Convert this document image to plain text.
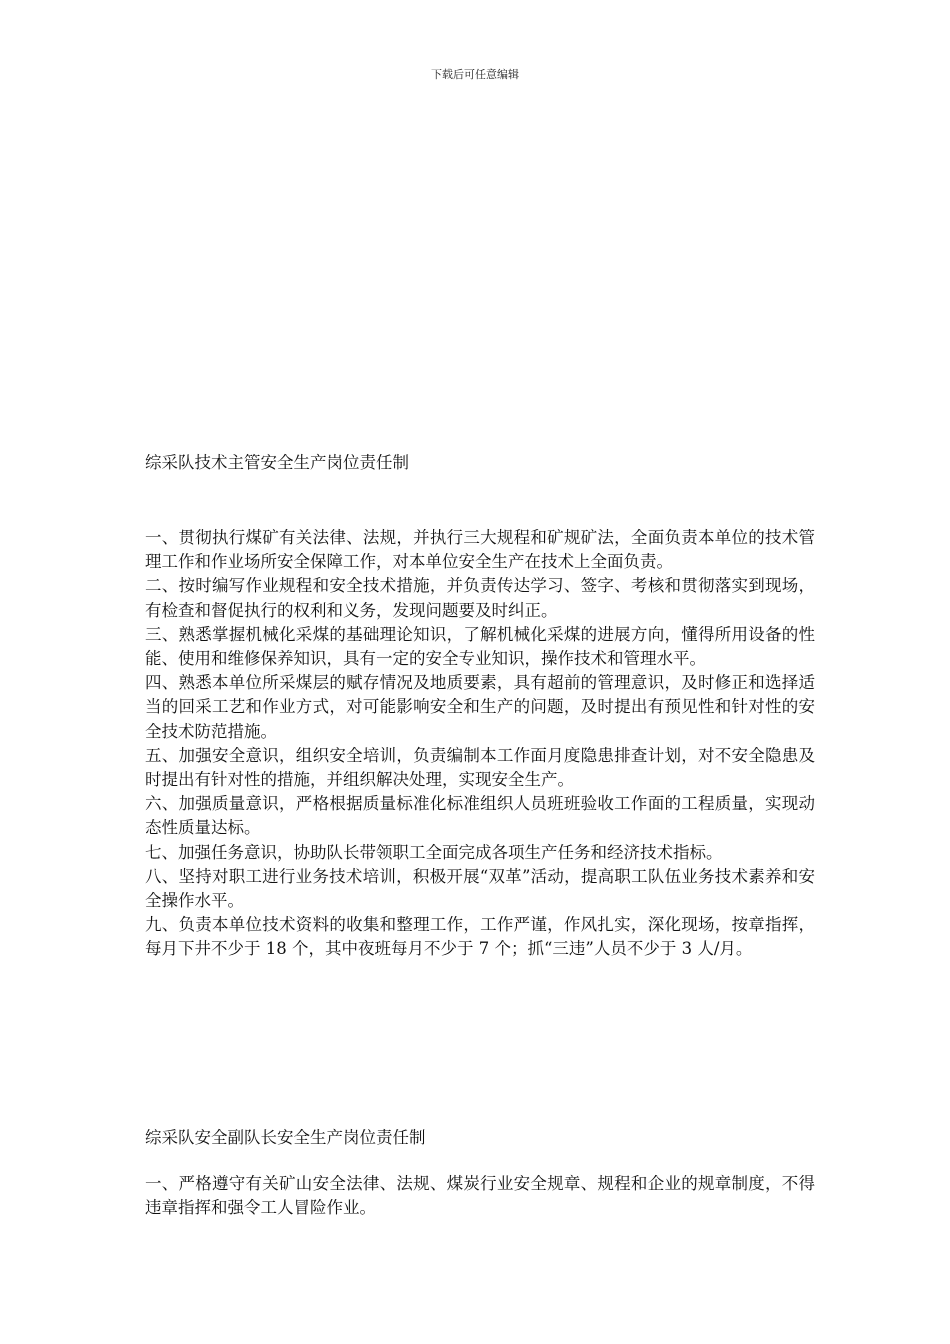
下载后可任意编辑
综采队技术主管安全生产岗位责任制

一、贯彻执行煤矿有关法律、法规，并执行三大规程和矿规矿法，全面负责本单位的技术管理工作和作业场所安全保障工作，对本单位安全生产在技术上全面负责。

二、按时编写作业规程和安全技术措施，并负责传达学习、签字、考核和贯彻落实到现场，有检查和督促执行的权利和义务，发现问题要及时纠正。

三、熟悉掌握机械化采煤的基础理论知识，了解机械化采煤的进展方向，懂得所用设备的性能、使用和维修保养知识，具有一定的安全专业知识，操作技术和管理水平。

四、熟悉本单位所采煤层的赋存情况及地质要素，具有超前的管理意识，及时修正和选择适当的回采工艺和作业方式，对可能影响安全和生产的问题，及时提出有预见性和针对性的安全技术防范措施。

五、加强安全意识，组织安全培训，负责编制本工作面月度隐患排查计划，对不安全隐患及时提出有针对性的措施，并组织解决处理，实现安全生产。

六、加强质量意识，严格根据质量标准化标准组织人员班班验收工作面的工程质量，实现动态性质量达标。

七、加强任务意识，协助队长带领职工全面完成各项生产任务和经济技术指标。

八、坚持对职工进行业务技术培训，积极开展“双革”活动，提高职工队伍业务技术素养和安全操作水平。

九、负责本单位技术资料的收集和整理工作，工作严谨，作风扎实，深化现场，按章指挥，每月下井不少于 18 个，其中夜班每月不少于 7 个；抓“三违”人员不少于 3 人/月。

综采队安全副队长安全生产岗位责任制

一、严格遵守有关矿山安全法律、法规、煤炭行业安全规章、规程和企业的规章制度，不得违章指挥和强令工人冒险作业。
